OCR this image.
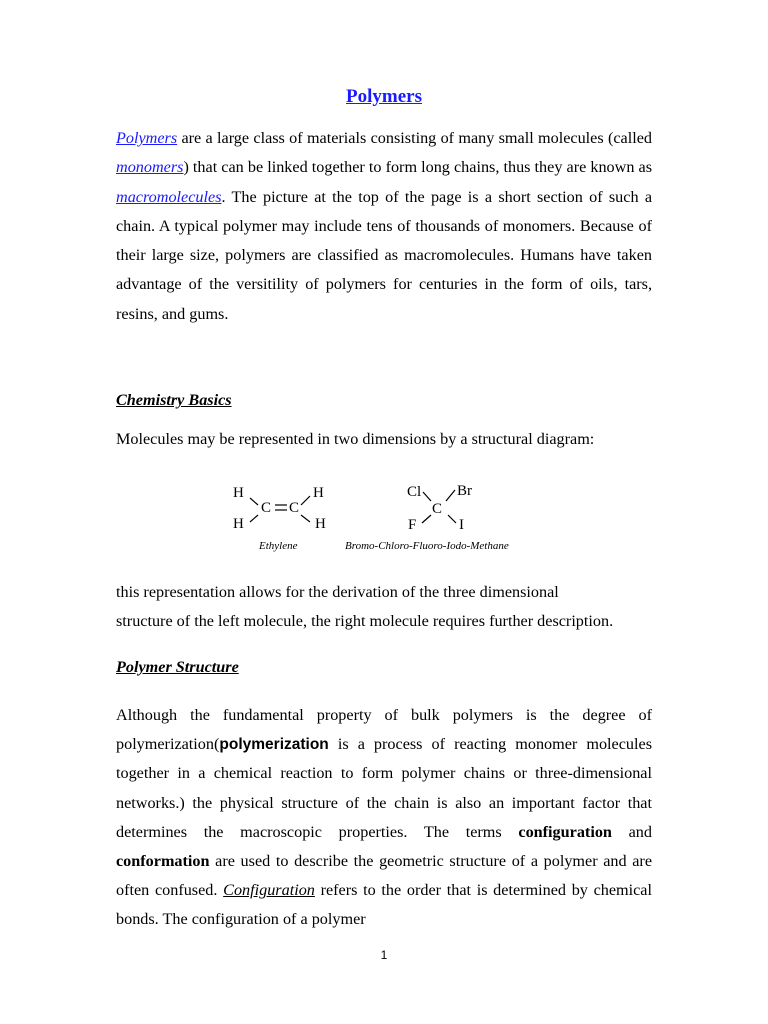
Polymers
Polymers are a large class of materials consisting of many small molecules (called monomers) that can be linked together to form long chains, thus they are known as macromolecules. The picture at the top of the page is a short section of such a chain. A typical polymer may include tens of thousands of monomers. Because of their large size, polymers are classified as macromolecules. Humans have taken advantage of the versitility of polymers for centuries in the form of oils, tars, resins, and gums.
Chemistry Basics
Molecules may be represented in two dimensions by a structural diagram:
H	H
H	H
C C
Cl Br
C
F	I
Ethylene	Bromo-Chloro-Fluoro-Iodo-Methane
this representation allows for the derivation of the three dimensional
structure of the left molecule, the right molecule requires further description.
Polymer Structure
Although the fundamental property of bulk polymers is the degree of polymerization(polymerization is a process of reacting monomer molecules together in a chemical reaction to form polymer chains or three-dimensional networks.) the physical structure of the chain is also an important factor that determines the macroscopic properties. The terms configuration and conformation are used to describe the geometric structure of a polymer and are often confused. Configuration refers to the order that is determined by chemical bonds. The configuration of a polymer
1
